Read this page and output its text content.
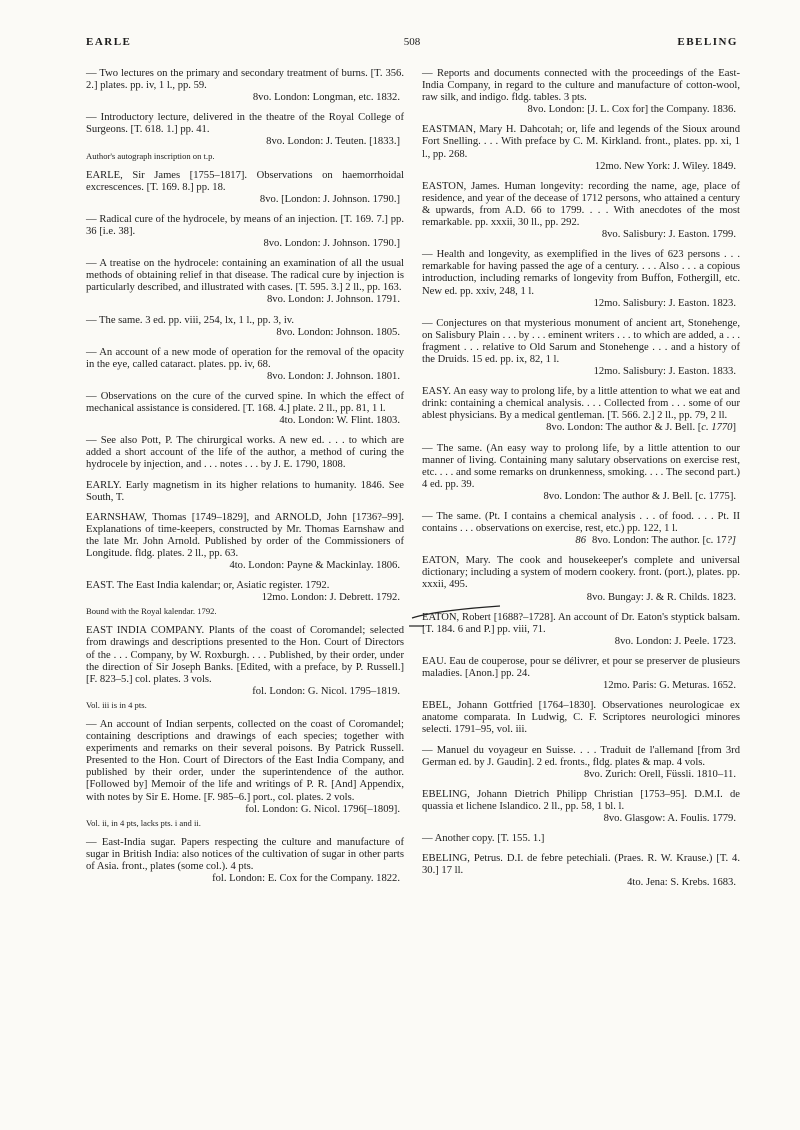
EARLE	508	EBELING
— Two lectures on the primary and secondary treatment of burns. [T. 356. 2.] plates. pp. iv, 1 l., pp. 59.
8vo. London: Longman, etc. 1832.
— Introductory lecture, delivered in the theatre of the Royal College of Surgeons. [T. 618. 1.] pp. 41.
8vo. London: J. Teuten. [1833.]
Author's autograph inscription on t.p.
EARLE, Sir James [1755–1817]. Observations on haemorrhoidal excrescences. [T. 169. 8.] pp. 18.
8vo. [London: J. Johnson. 1790.]
— Radical cure of the hydrocele, by means of an injection. [T. 169. 7.] pp. 36 [i.e. 38].
8vo. London: J. Johnson. 1790.]
— A treatise on the hydrocele: containing an examination of all the usual methods of obtaining relief in that disease. The radical cure by injection is particularly described, and illustrated with cases. [T. 595. 3.] 2 ll., pp. 163.
8vo. London: J. Johnson. 1791.
— The same. 3 ed. pp. viii, 254, lx, 1 l., pp. 3, iv.
8vo. London: Johnson. 1805.
— An account of a new mode of operation for the removal of the opacity in the eye, called cataract. plates. pp. iv, 68.
8vo. London: J. Johnson. 1801.
— Observations on the cure of the curved spine. In which the effect of mechanical assistance is considered. [T. 168. 4.] plate. 2 ll., pp. 81, 1 l.
4to. London: W. Flint. 1803.
— See also Pott, P. The chirurgical works. A new ed. . . . to which are added a short account of the life of the author, a method of curing the hydrocele by injection, and . . . notes . . . by J. E. 1790, 1808.
EARLY. Early magnetism in its higher relations to humanity. 1846. See South, T.
EARNSHAW, Thomas [1749–1829], and ARNOLD, John [1736?–99]. Explanations of time-keepers, constructed by Mr. Thomas Earnshaw and the late Mr. John Arnold. Published by order of the Commissioners of Longitude. fldg. plates. 2 ll., pp. 63.
4to. London: Payne & Mackinlay. 1806.
EAST. The East India kalendar; or, Asiatic register. 1792.
12mo. London: J. Debrett. 1792.
Bound with the Royal kalendar. 1792.
EAST INDIA COMPANY. Plants of the coast of Coromandel; selected from drawings and descriptions presented to the Hon. Court of Directors of the . . . Company, by W. Roxburgh. . . . Published, by their order, under the direction of Sir Joseph Banks. [Edited, with a preface, by P. Russell.] [F. 823–5.] col. plates. 3 vols.
fol. London: G. Nicol. 1795–1819.
Vol. iii is in 4 pts.
— An account of Indian serpents, collected on the coast of Coromandel; containing descriptions and drawings of each species; together with experiments and remarks on their several poisons. By Patrick Russell. Presented to the Hon. Court of Directors of the East India Company, and published by their order, under the superintendence of the author. [Followed by] Memoir of the life and writings of P. R. [And] Appendix, with notes by Sir E. Home. [F. 985–6.] port., col. plates. 2 vols.
fol. London: G. Nicol. 1796[–1809].
Vol. ii, in 4 pts, lacks pts. i and ii.
— East-India sugar. Papers respecting the culture and manufacture of sugar in British India: also notices of the cultivation of sugar in other parts of Asia. front., plates (some col.). 4 pts.
fol. London: E. Cox for the Company. 1822.
— Reports and documents connected with the proceedings of the East-India Company, in regard to the culture and manufacture of cotton-wool, raw silk, and indigo. fldg. tables. 3 pts.
8vo. London: [J. L. Cox for] the Company. 1836.
EASTMAN, Mary H. Dahcotah; or, life and legends of the Sioux around Fort Snelling. . . . With preface by C. M. Kirkland. front., plates. pp. xi, 1 l., pp. 268.
12mo. New York: J. Wiley. 1849.
EASTON, James. Human longevity: recording the name, age, place of residence, and year of the decease of 1712 persons, who attained a century & upwards, from A.D. 66 to 1799. . . . With anecdotes of the most remarkable. pp. xxxii, 30 ll., pp. 292.
8vo. Salisbury: J. Easton. 1799.
— Health and longevity, as exemplified in the lives of 623 persons . . . remarkable for having passed the age of a century. . . . Also . . . a copious introduction, including remarks of longevity from Buffon, Fothergill, etc. New ed. pp. xxiv, 248, 1 l.
12mo. Salisbury: J. Easton. 1823.
— Conjectures on that mysterious monument of ancient art, Stonehenge, on Salisbury Plain . . . by . . . eminent writers . . . to which are added, a . . . fragment . . . relative to Old Sarum and Stonehenge . . . and a history of the Druids. 15 ed. pp. ix, 82, 1 l.
12mo. Salisbury: J. Easton. 1833.
EASY. An easy way to prolong life, by a little attention to what we eat and drink: containing a chemical analysis. . . . Collected from . . . some of our ablest physicians. By a medical gentleman. [T. 566. 2.] 2 ll., pp. 79, 2 ll.
8vo. London: The author & J. Bell. [c. 1770]
— The same. (An easy way to prolong life, by a little attention to our manner of living. Containing many salutary observations on exercise rest, etc. . . . and some remarks on drunkenness, smoking. . . . The second part.) 4 ed. pp. 39.
8vo. London: The author & J. Bell. [c. 1775].
— The same. (Pt. I contains a chemical analysis . . . of food. . . . Pt. II contains . . . observations on exercise, rest, etc.) pp. 122, 1 l.
86 8vo. London: The author. [c. 17?]
EATON, Mary. The cook and housekeeper's complete and universal dictionary; including a system of modern cookery. front. (port.), plates. pp. xxxii, 495.
8vo. Bungay: J. & R. Childs. 1823.
EATON, Robert [1688?–1728]. An account of Dr. Eaton's styptick balsam. [T. 184. 6 and P.] pp. viii, 71.
8vo. London: J. Peele. 1723.
EAU. Eau de couperose, pour se délivrer, et pour se preserver de plusieurs maladies. [Anon.] pp. 24.
12mo. Paris: G. Meturas. 1652.
EBEL, Johann Gottfried [1764–1830]. Observationes neurologicae ex anatome comparata. In Ludwig, C. F. Scriptores neurologici minores selecti. 1791–95, vol. iii.
— Manuel du voyageur en Suisse. . . . Traduit de l'allemand [from 3rd German ed. by J. Gaudin]. 2 ed. fronts., fldg. plates & map. 4 vols.
8vo. Zurich: Orell, Füssli. 1810–11.
EBELING, Johann Dietrich Philipp Christian [1753–95]. D.M.I. de quassia et lichene Islandico. 2 ll., pp. 58, 1 bl. l.
8vo. Glasgow: A. Foulis. 1779.
— Another copy. [T. 155. 1.]
EBELING, Petrus. D.I. de febre petechiali. (Praes. R. W. Krause.) [T. 4. 30.] 17 ll.
4to. Jena: S. Krebs. 1683.
